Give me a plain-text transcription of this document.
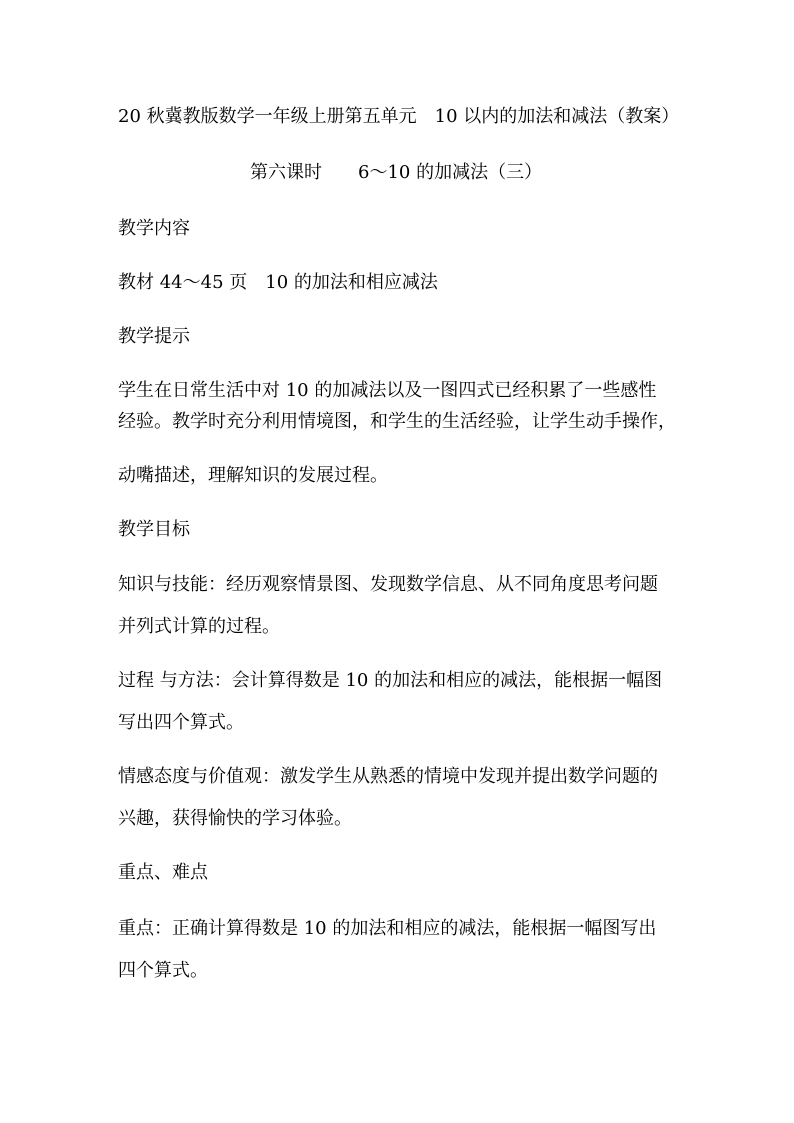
20 秋冀教版数学一年级上册第五单元　10 以内的加法和减法（教案）
第六课时　　6～10 的加减法（三）
教学内容
教材 44～45 页　10 的加法和相应减法
教学提示
学生在日常生活中对 10 的加减法以及一图四式已经积累了一些感性
经验。教学时充分利用情境图，和学生的生活经验，让学生动手操作，
动嘴描述，理解知识的发展过程。
教学目标
知识与技能：经历观察情景图、发现数学信息、从不同角度思考问题
并列式计算的过程。
过程 与方法：会计算得数是 10 的加法和相应的减法，能根据一幅图
写出四个算式。
情感态度与价值观：激发学生从熟悉的情境中发现并提出数学问题的
兴趣，获得愉快的学习体验。
重点、难点
重点：正确计算得数是 10 的加法和相应的减法，能根据一幅图写出
四个算式。
